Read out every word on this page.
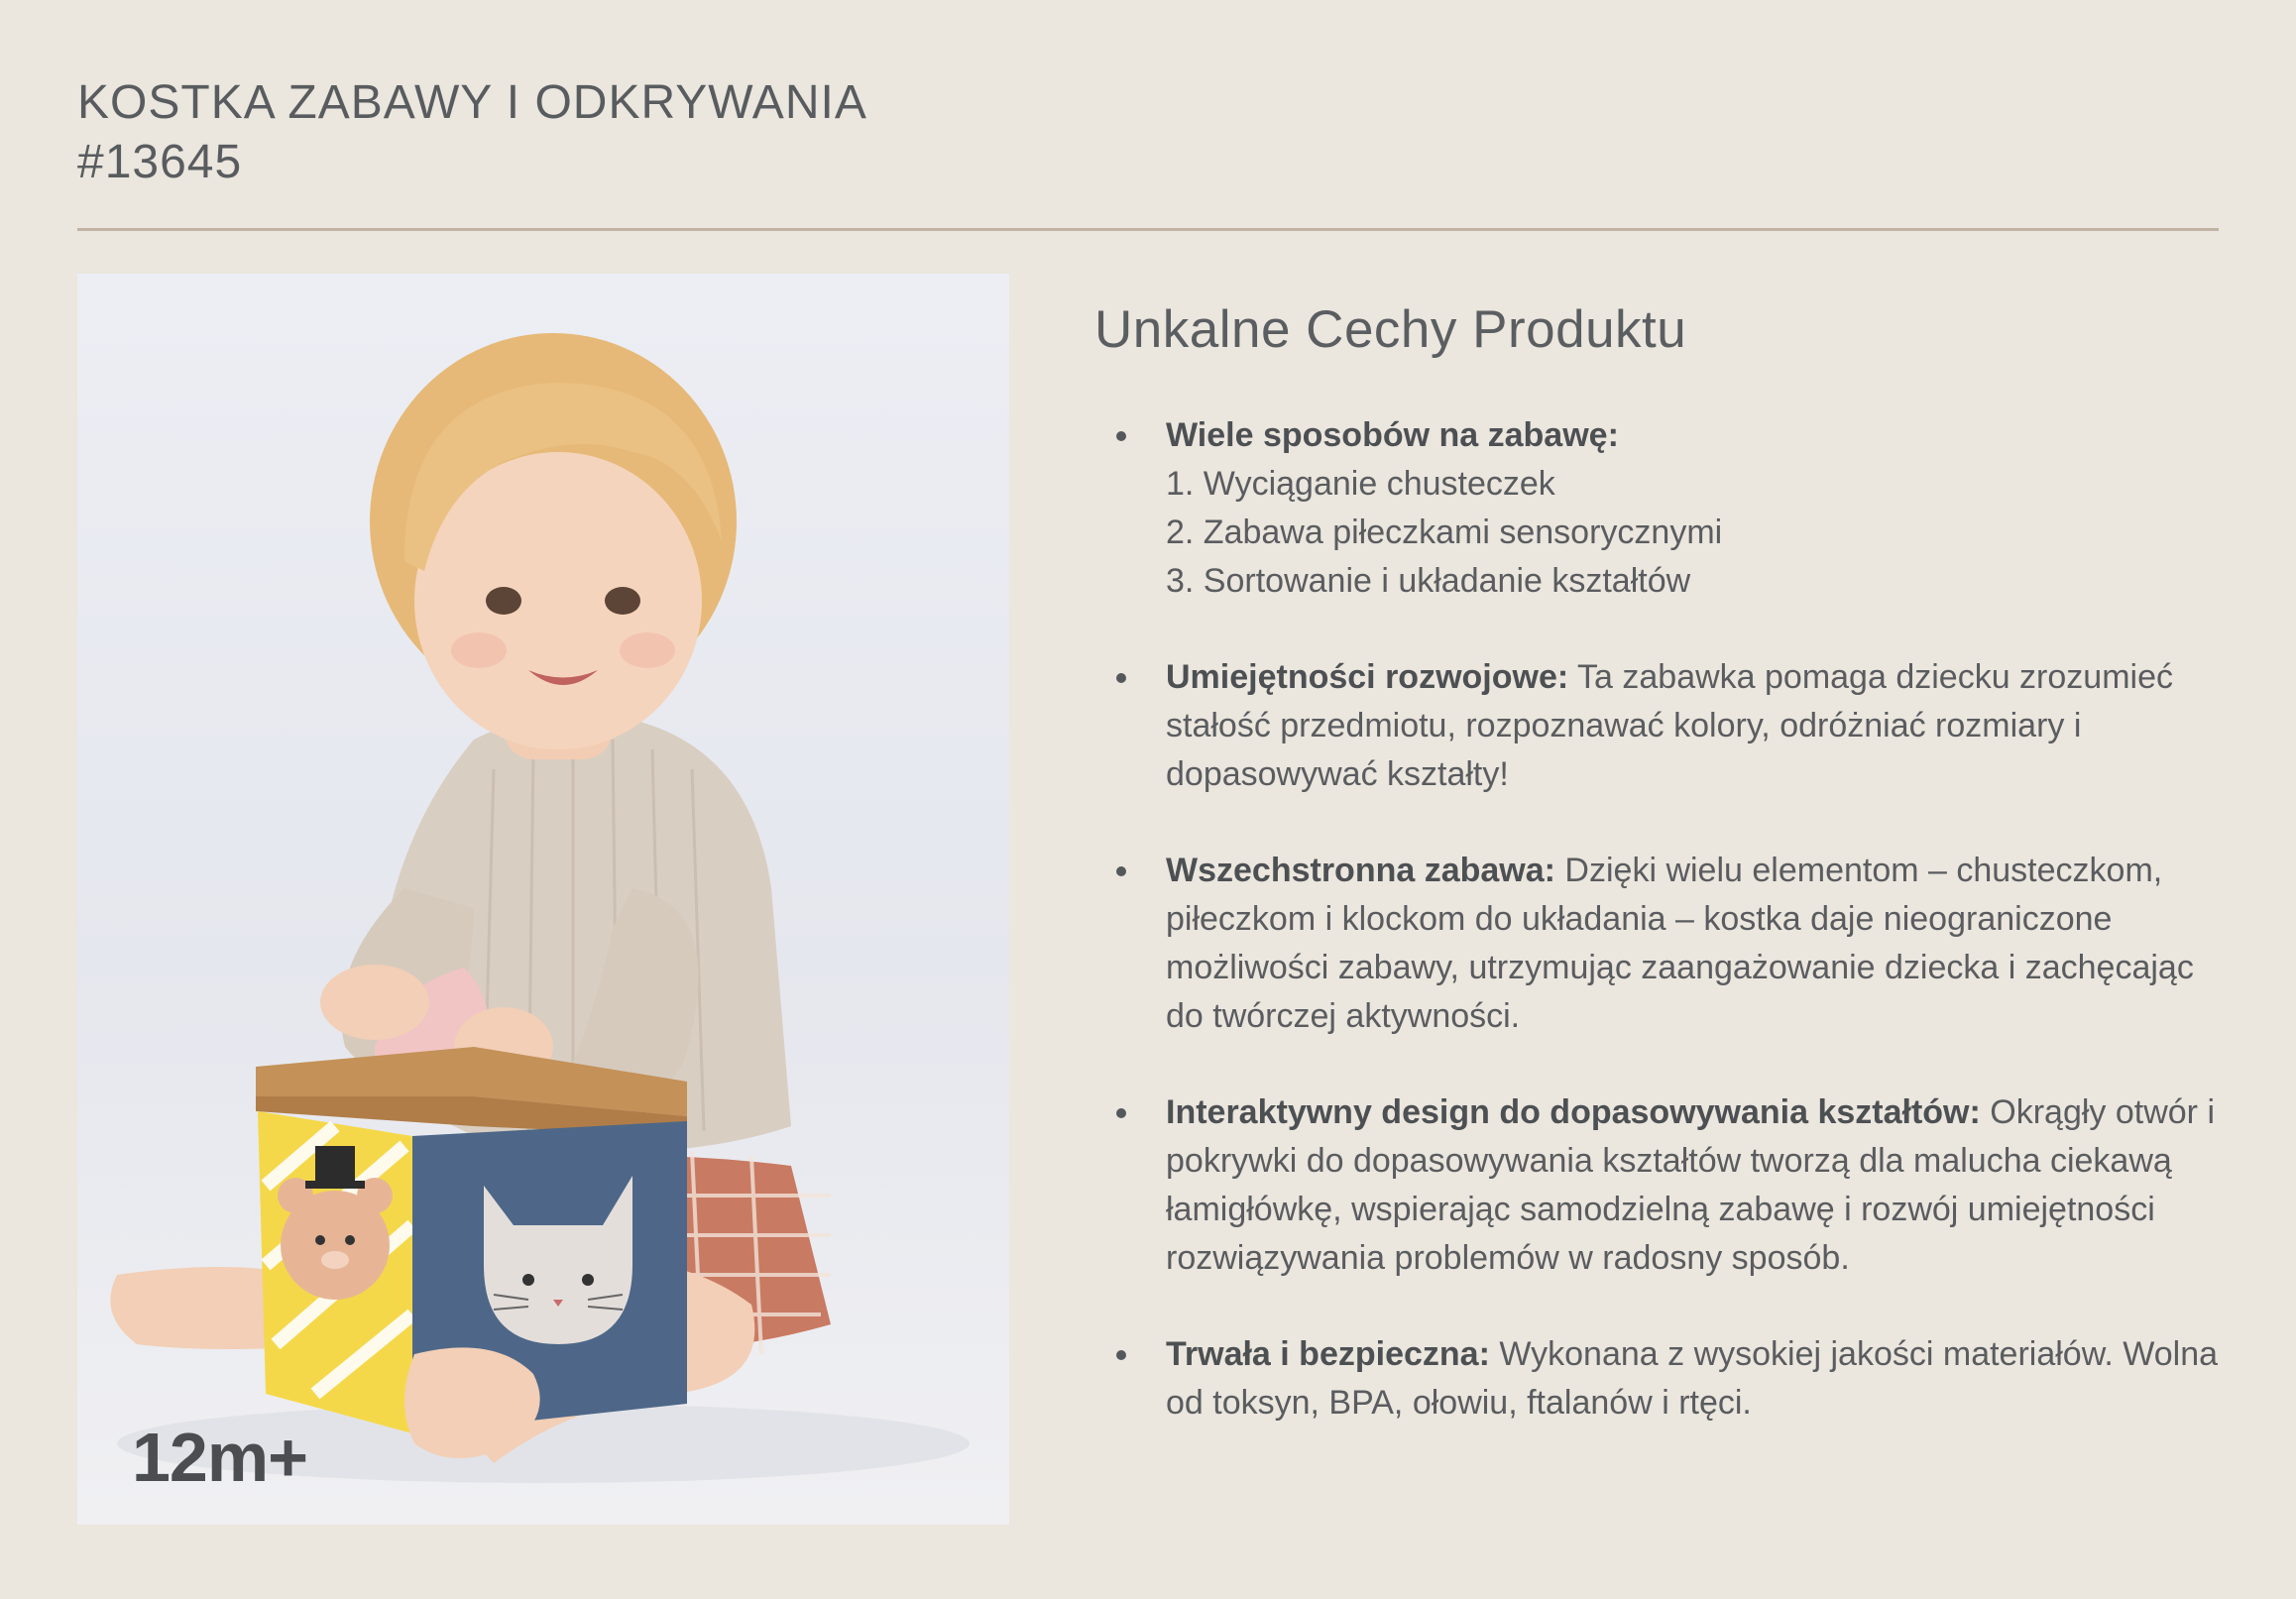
KOSTKA ZABAWY I ODKRYWANIA
#13645
12m+
Unkalne Cechy Produktu
Wiele sposobów na zabawę:
1. Wyciąganie chusteczek
2. Zabawa piłeczkami sensorycznymi
3. Sortowanie i układanie kształtów
Umiejętności rozwojowe: Ta zabawka pomaga dziecku zrozumieć stałość przedmiotu, rozpoznawać kolory, odróżniać rozmiary i dopasowywać kształty!
Wszechstronna zabawa: Dzięki wielu elementom – chusteczkom, piłeczkom i klockom do układania – kostka daje nieograniczone możliwości zabawy, utrzymując zaangażowanie dziecka i zachęcając do twórczej aktywności.
Interaktywny design do dopasowywania kształtów: Okrągły otwór i pokrywki do dopasowywania kształtów tworzą dla malucha ciekawą łamigłówkę, wspierając samodzielną zabawę i rozwój umiejętności rozwiązywania problemów w radosny sposób.
Trwała i bezpieczna: Wykonana z wysokiej jakości materiałów. Wolna od toksyn, BPA, ołowiu, ftalanów i rtęci.
